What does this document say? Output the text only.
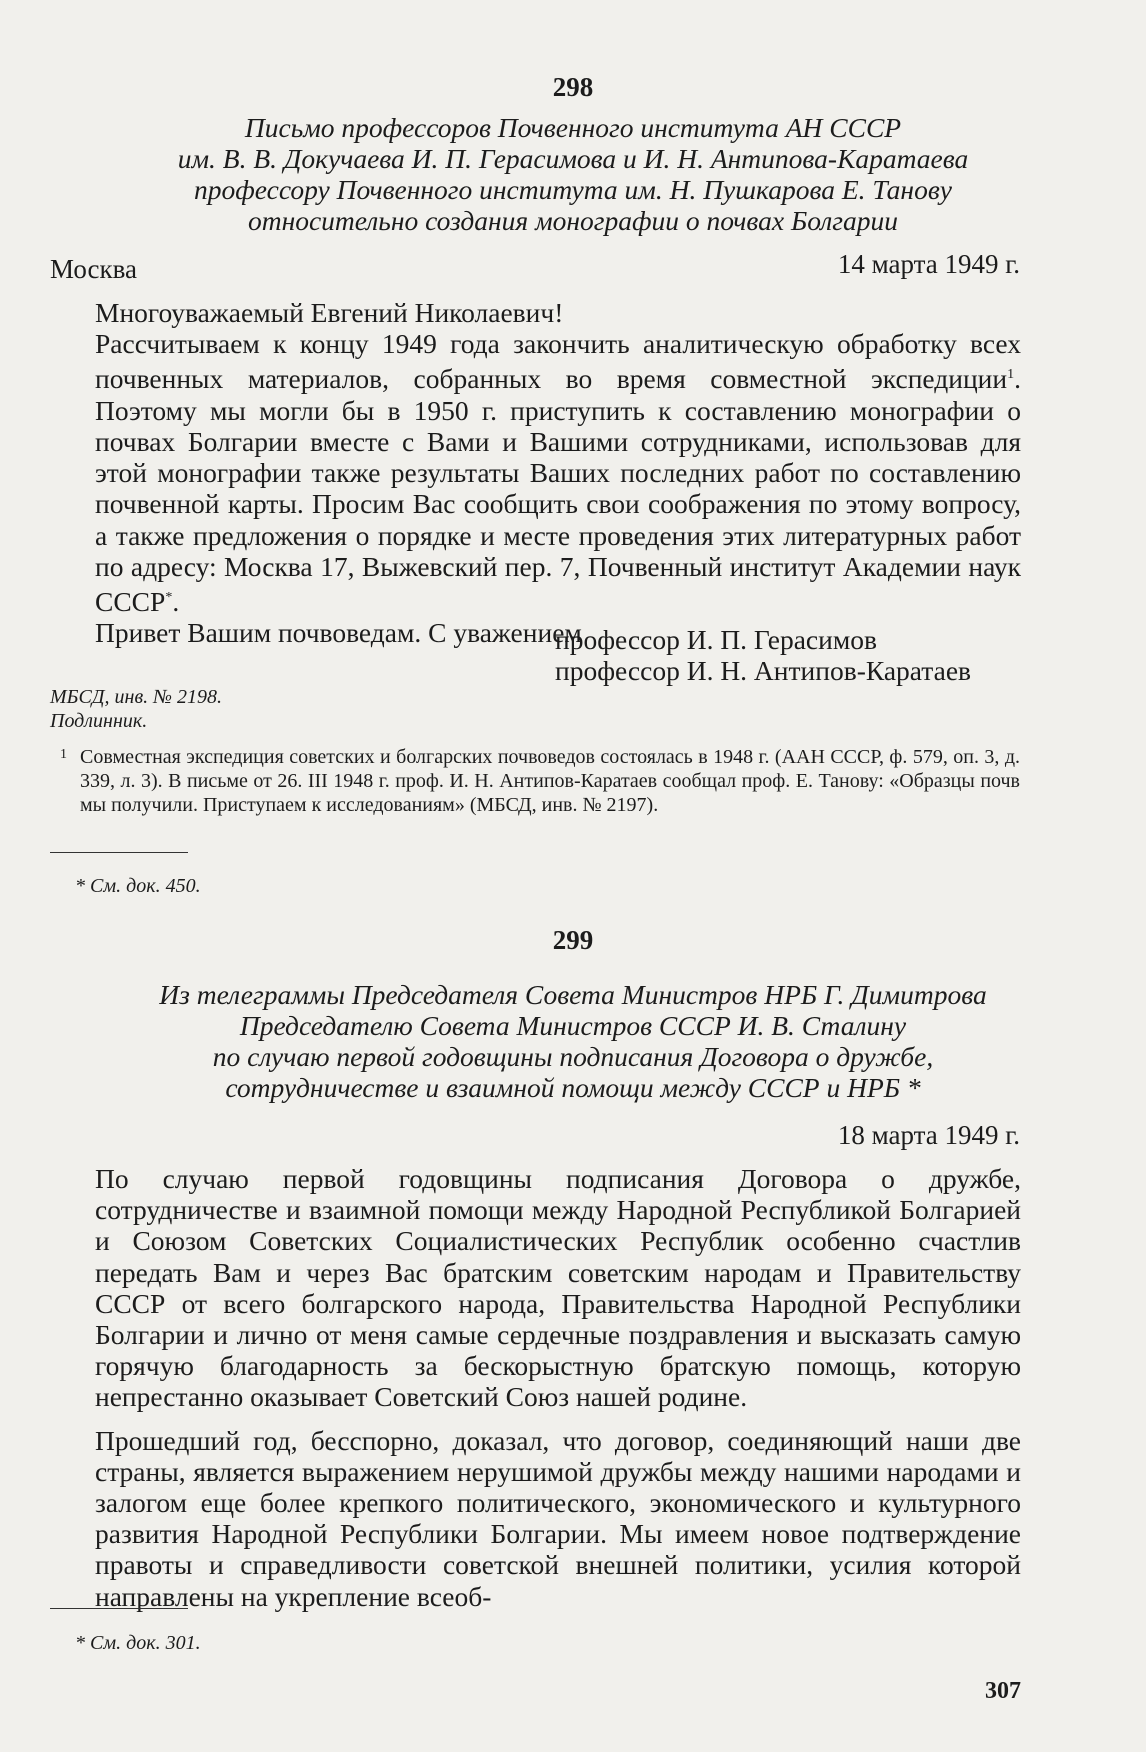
298
Письмо профессоров Почвенного института АН СССР
им. В. В. Докучаева И. П. Герасимова и И. Н. Антипова-Каратаева
профессору Почвенного института им. Н. Пушкарова Е. Танову
относительно создания монографии о почвах Болгарии
Москва	14 марта 1949 г.

Многоуважаемый Евгений Николаевич!

Рассчитываем к концу 1949 года закончить аналитическую обработку всех почвенных материалов, собранных во время совместной экспедиции$^1$. Поэтому мы могли бы в 1950 г. приступить к составлению монографии о почвах Болгарии вместе с Вами и Вашими сотрудниками, использовав для этой монографии также результаты Ваших последних работ по составлению почвенной карты. Просим Вас сообщить свои соображения по этому вопросу, а также предложения о порядке и месте проведения этих литературных работ по адресу: Москва 17, Выжевский пер. 7, Почвенный институт Академии наук СССР*.

Привет Вашим почвоведам. С уважением

профессор И. П. Герасимов
профессор И. Н. Антипов-Каратаев
МБСД, инв. № 2198.
Подлинник.
1 Совместная экспедиция советских и болгарских почвоведов состоялась в 1948 г. (ААН СССР, ф. 579, оп. 3, д. 339, л. 3). В письме от 26. III 1948 г. проф. И. Н. Антипов-Каратаев сообщал проф. Е. Танову: «Образцы почв мы получили. Приступаем к исследованиям» (МБСД, инв. № 2197).
* См. док. 450.
299
Из телеграммы Председателя Совета Министров НРБ Г. Димитрова
Председателю Совета Министров СССР И. В. Сталину
по случаю первой годовщины подписания Договора о дружбе,
сотрудничестве и взаимной помощи между СССР и НРБ *
18 марта 1949 г.

По случаю первой годовщины подписания Договора о дружбе, сотрудничестве и взаимной помощи между Народной Республикой Болгарией и Союзом Советских Социалистических Республик особенно счастлив передать Вам и через Вас братским советским народам и Правительству СССР от всего болгарского народа, Правительства Народной Республики Болгарии и лично от меня самые сердечные поздравления и высказать самую горячую благодарность за бескорыстную братскую помощь, которую непрестанно оказывает Советский Союз нашей родине.

Прошедший год, бесспорно, доказал, что договор, соединяющий наши две страны, является выражением нерушимой дружбы между нашими народами и залогом еще более крепкого политического, экономического и культурного развития Народной Республики Болгарии. Мы имеем новое подтверждение правоты и справедливости советской внешней политики, усилия которой направлены на укрепление всеоб-

* См. док. 301.
307
